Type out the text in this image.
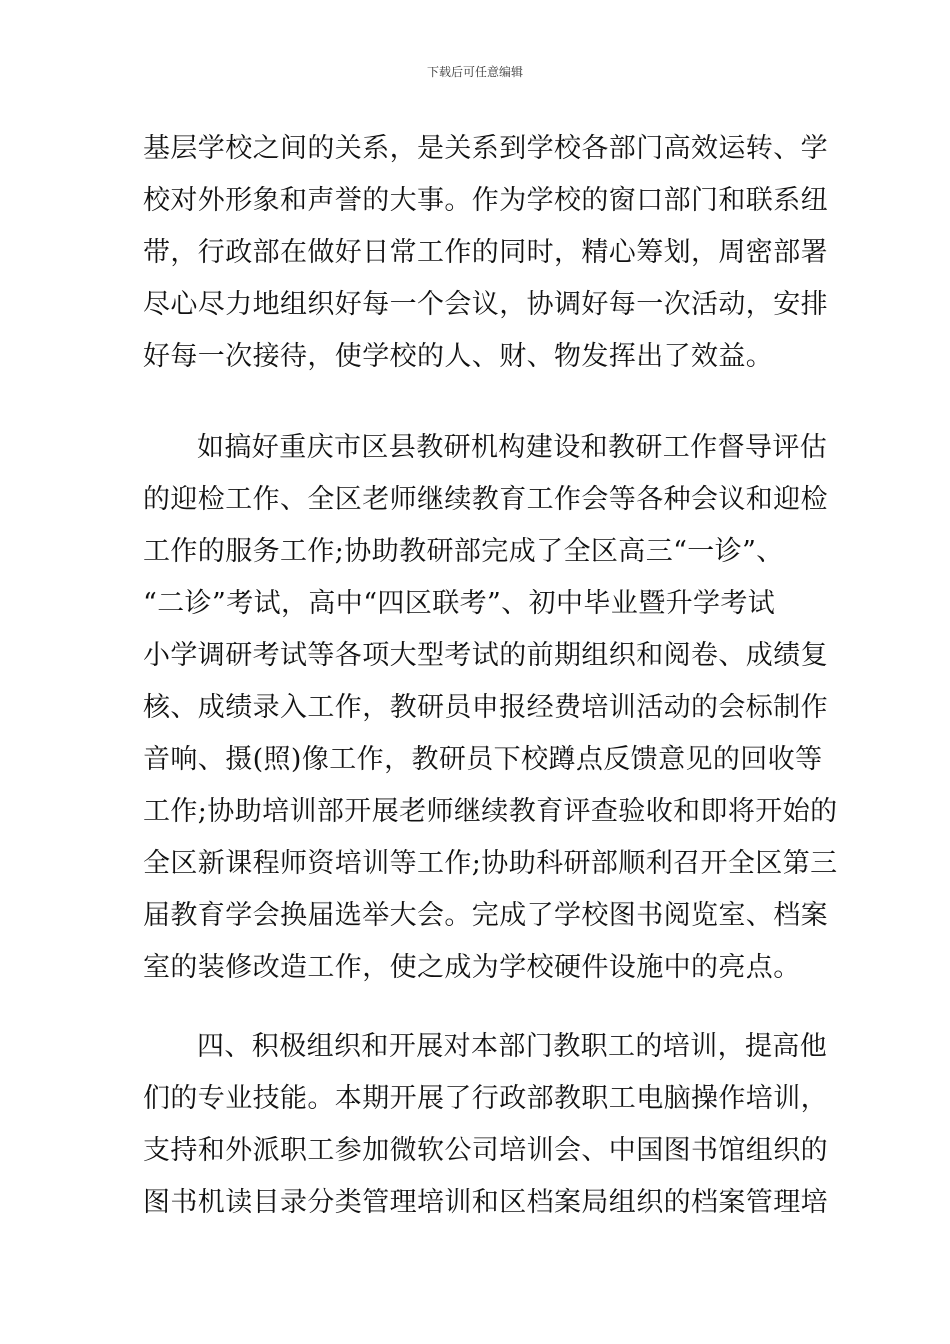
下载后可任意编辑
基层学校之间的关系，是关系到学校各部门高效运转、学
校对外形象和声誉的大事。作为学校的窗口部门和联系纽
带，行政部在做好日常工作的同时，精心筹划，周密部署
尽心尽力地组织好每一个会议，协调好每一次活动，安排
好每一次接待，使学校的人、财、物发挥出了效益。
如搞好重庆市区县教研机构建设和教研工作督导评估
的迎检工作、全区老师继续教育工作会等各种会议和迎检
工作的服务工作;协助教研部完成了全区高三“一诊”、
“二诊”考试，高中“四区联考”、初中毕业暨升学考试
小学调研考试等各项大型考试的前期组织和阅卷、成绩复
核、成绩录入工作，教研员申报经费培训活动的会标制作
音响、摄(照)像工作，教研员下校蹲点反馈意见的回收等
工作;协助培训部开展老师继续教育评查验收和即将开始的
全区新课程师资培训等工作;协助科研部顺利召开全区第三
届教育学会换届选举大会。完成了学校图书阅览室、档案
室的装修改造工作，使之成为学校硬件设施中的亮点。
四、积极组织和开展对本部门教职工的培训，提高他
们的专业技能。本期开展了行政部教职工电脑操作培训，
支持和外派职工参加微软公司培训会、中国图书馆组织的
图书机读目录分类管理培训和区档案局组织的档案管理培
